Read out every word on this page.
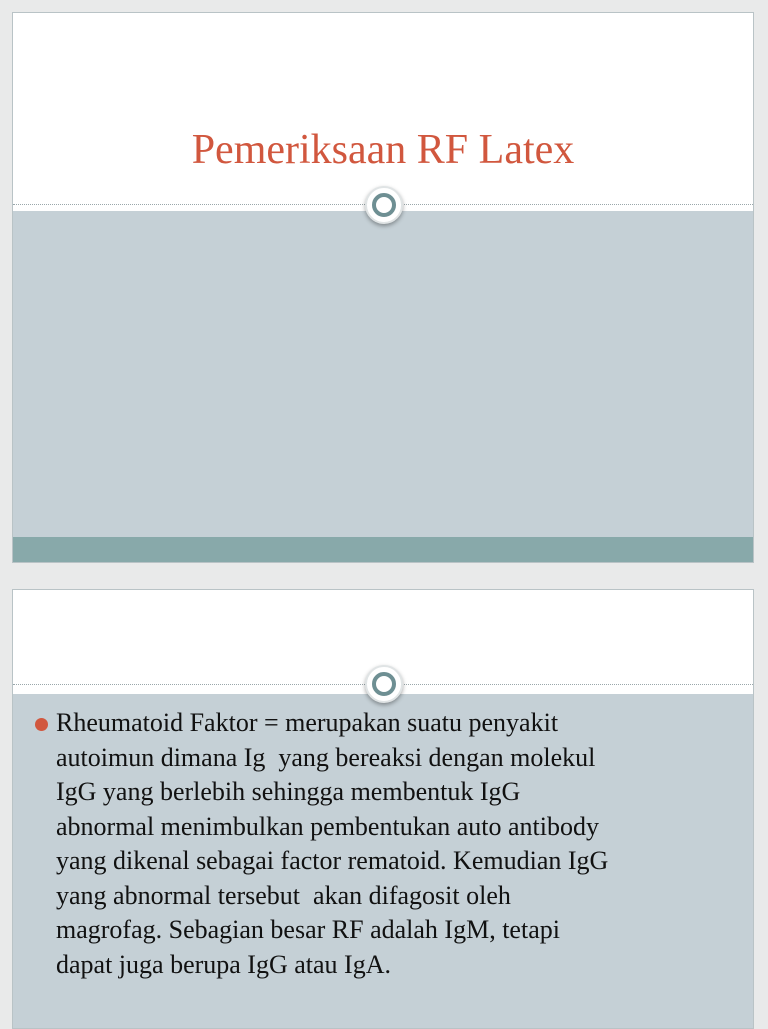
Pemeriksaan RF Latex

Rheumatoid Faktor = merupakan suatu penyakit
autoimun dimana Ig  yang bereaksi dengan molekul
IgG yang berlebih sehingga membentuk IgG
abnormal menimbulkan pembentukan auto antibody
yang dikenal sebagai factor rematoid. Kemudian IgG
yang abnormal tersebut  akan difagosit oleh
magrofag. Sebagian besar RF adalah IgM, tetapi
dapat juga berupa IgG atau IgA.
